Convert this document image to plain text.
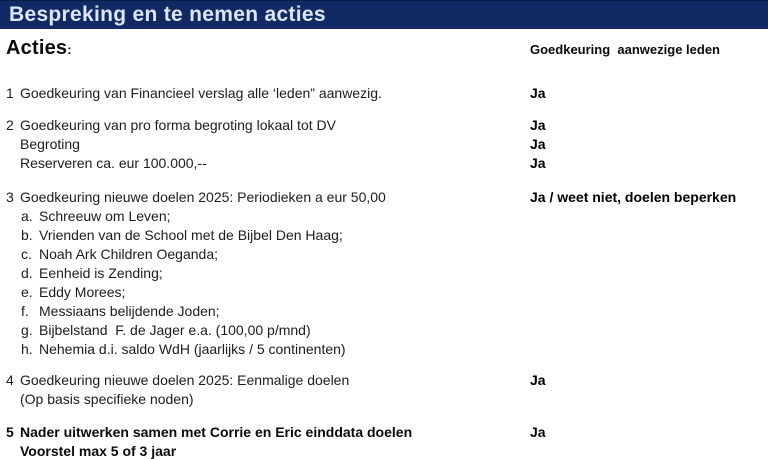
Bespreking en te nemen acties
Acties:	Goedkeuring  aanwezige leden
1 Goedkeuring van Financieel verslag alle ‘leden” aanwezig.	Ja
2 Goedkeuring van pro forma begroting lokaal tot DV
Begroting
Reserveren ca. eur 100.000,--
Ja
Ja
Ja
3 Goedkeuring nieuwe doelen 2025: Periodieken a eur 50,00
a. Schreeuw om Leven;
b. Vrienden van de School met de Bijbel Den Haag;
c. Noah Ark Children Oeganda;
d. Eenheid is Zending;
e. Eddy Morees;
f. Messiaans belijdende Joden;
g. Bijbelstand  F. de Jager e.a. (100,00 p/mnd)
h. Nehemia d.i. saldo WdH (jaarlijks / 5 continenten)
Ja / weet niet, doelen beperken
4 Goedkeuring nieuwe doelen 2025: Eenmalige doelen
(Op basis specifieke noden)
Ja
5 Nader uitwerken samen met Corrie en Eric einddata doelen
Voorstel max 5 of 3 jaar
Ja
